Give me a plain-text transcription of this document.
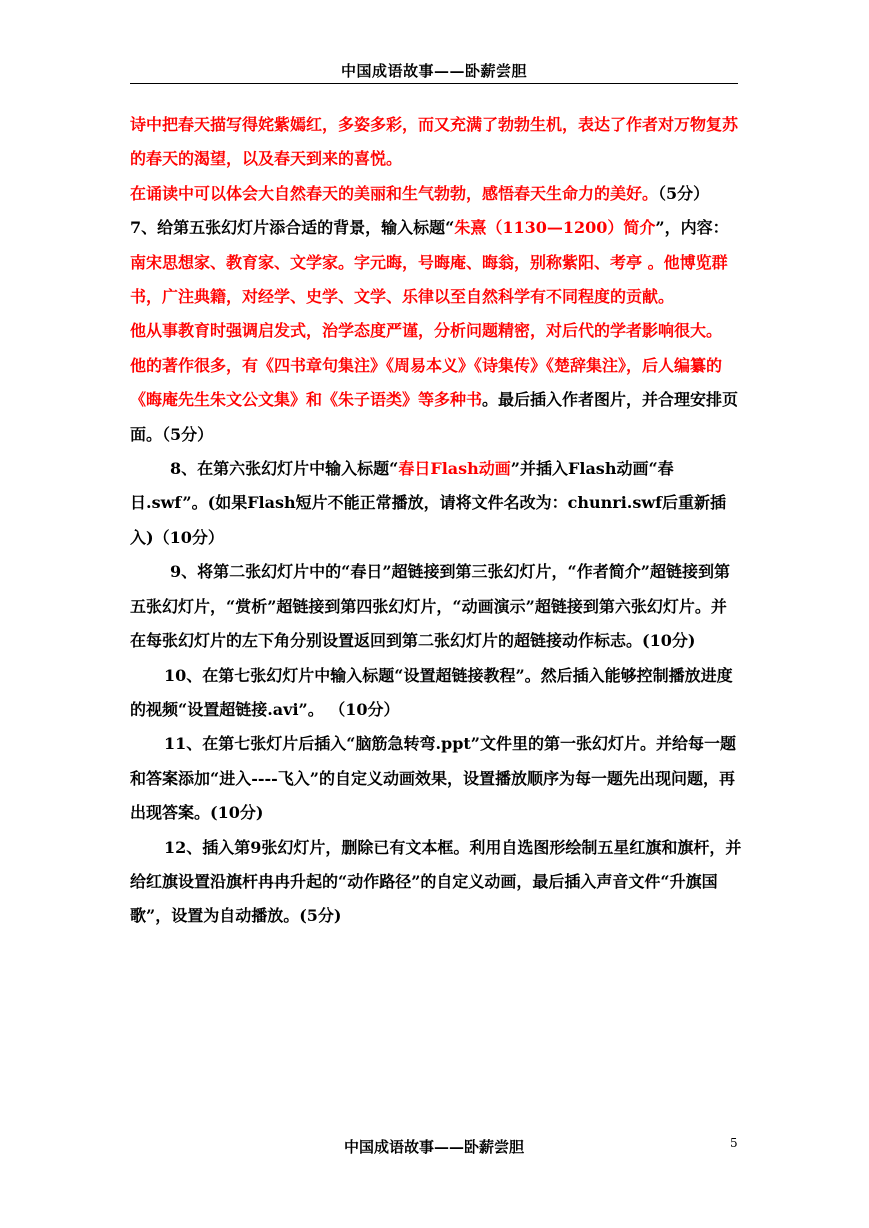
中国成语故事——卧薪尝胆

诗中把春天描写得姹紫嫣红，多姿多彩，而又充满了勃勃生机，表达了作者对万物复苏的春天的渴望，以及春天到来的喜悦。

在诵读中可以体会大自然春天的美丽和生气勃勃，感悟春天生命力的美好。（5分）

7、给第五张幻灯片添合适的背景，输入标题“朱熹（1130—1200）简介”，内容：南宋思想家、教育家、文学家。字元晦，号晦庵、晦翁，别称紫阳、考亭 。他博览群书，广注典籍，对经学、史学、文学、乐律以至自然科学有不同程度的贡献。

他从事教育时强调启发式，治学态度严谨，分析问题精密，对后代的学者影响很大。

他的著作很多，有《四书章句集注》《周易本义》《诗集传》《楚辞集注》，后人编纂的《晦庵先生朱文公文集》和《朱子语类》等多种书。最后插入作者图片，并合理安排页面。（5分）

8、在第六张幻灯片中输入标题“春日Flash动画”并插入Flash动画“春日.swf”。(如果Flash短片不能正常播放，请将文件名改为：chunri.swf后重新插入)（10分）

9、将第二张幻灯片中的“春日”超链接到第三张幻灯片，“作者简介”超链接到第五张幻灯片，“赏析”超链接到第四张幻灯片，“动画演示”超链接到第六张幻灯片。并在每张幻灯片的左下角分别设置返回到第二张幻灯片的超链接动作标志。(10分)

10、在第七张幻灯片中输入标题“设置超链接教程”。然后插入能够控制播放进度的视频“设置超链接.avi”。 （10分）

11、在第七张灯片后插入“脑筋急转弯.ppt”文件里的第一张幻灯片。并给每一题和答案添加“进入----飞入”的自定义动画效果，设置播放顺序为每一题先出现问题，再出现答案。(10分)

12、插入第9张幻灯片，删除已有文本框。利用自选图形绘制五星红旗和旗杆，并给红旗设置沿旗杆冉冉升起的“动作路径”的自定义动画，最后插入声音文件“升旗国歌”，设置为自动播放。(5分)

中国成语故事——卧薪尝胆	5
